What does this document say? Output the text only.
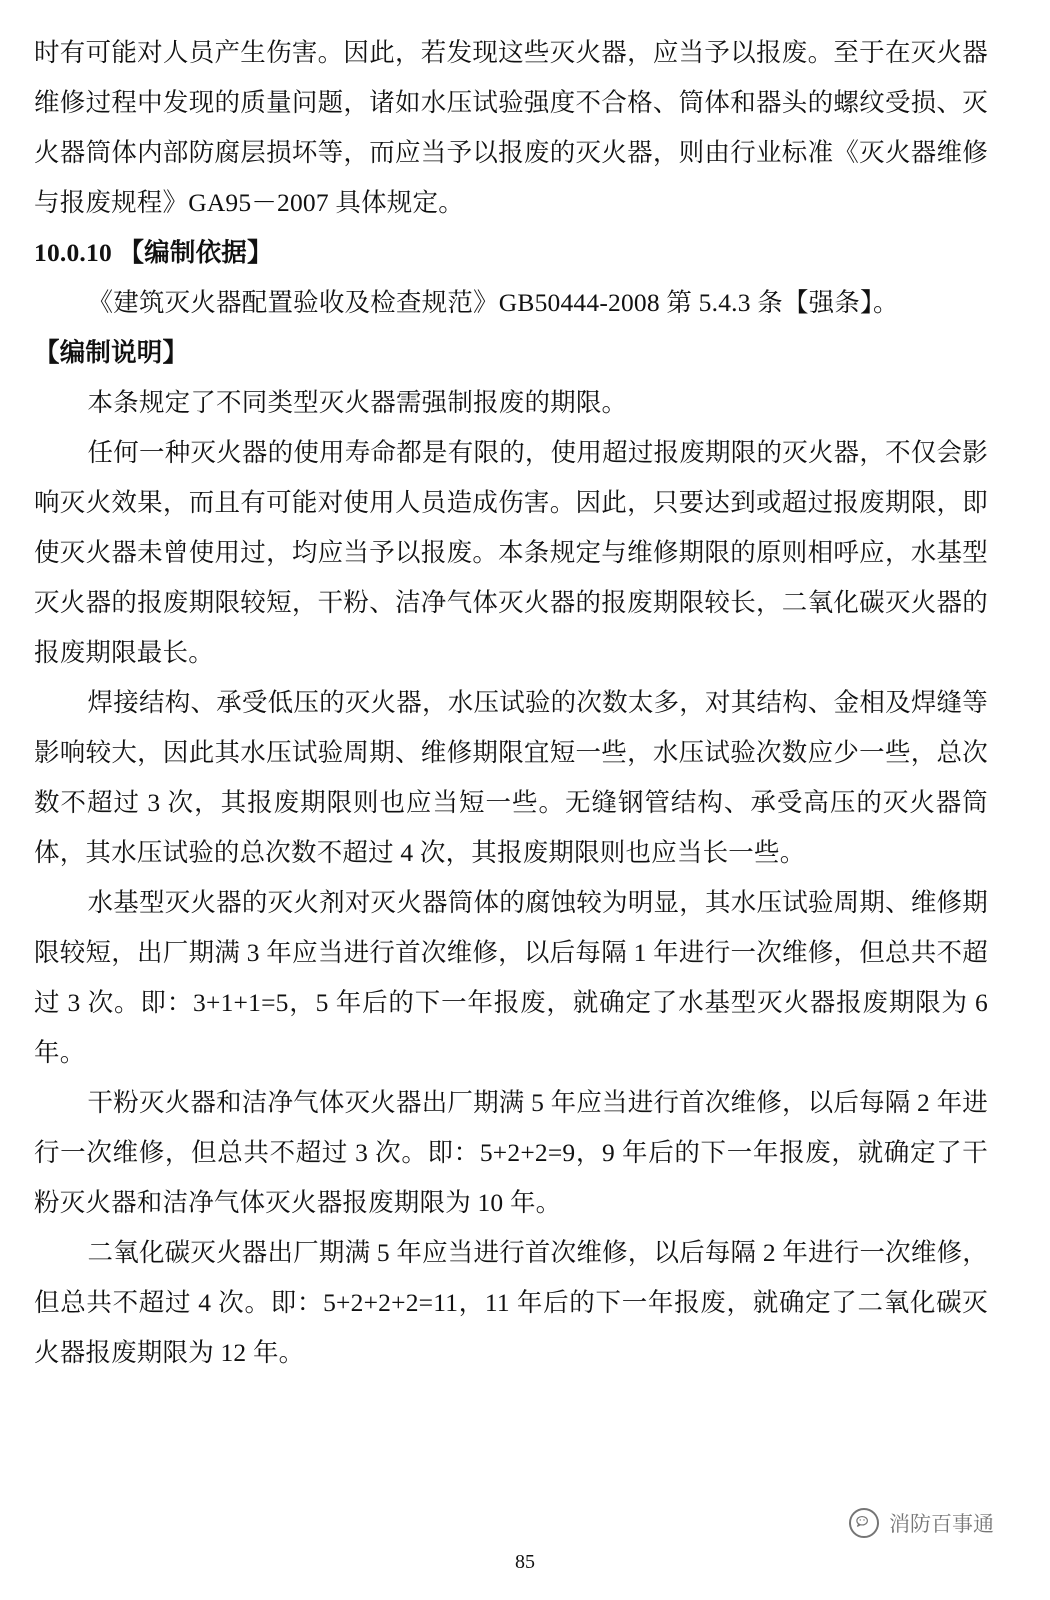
时有可能对人员产生伤害。因此，若发现这些灭火器，应当予以报废。至于在灭火器维修过程中发现的质量问题，诸如水压试验强度不合格、筒体和器头的螺纹受损、灭火器筒体内部防腐层损坏等，而应当予以报废的灭火器，则由行业标准《灭火器维修与报废规程》GA95－2007 具体规定。

10.0.10 【编制依据】

《建筑灭火器配置验收及检查规范》GB50444-2008 第 5.4.3 条【强条】。

【编制说明】

本条规定了不同类型灭火器需强制报废的期限。

任何一种灭火器的使用寿命都是有限的，使用超过报废期限的灭火器，不仅会影响灭火效果，而且有可能对使用人员造成伤害。因此，只要达到或超过报废期限，即使灭火器未曾使用过，均应当予以报废。本条规定与维修期限的原则相呼应，水基型灭火器的报废期限较短，干粉、洁净气体灭火器的报废期限较长，二氧化碳灭火器的报废期限最长。

焊接结构、承受低压的灭火器，水压试验的次数太多，对其结构、金相及焊缝等影响较大，因此其水压试验周期、维修期限宜短一些，水压试验次数应少一些，总次数不超过 3 次，其报废期限则也应当短一些。无缝钢管结构、承受高压的灭火器筒体，其水压试验的总次数不超过 4 次，其报废期限则也应当长一些。

水基型灭火器的灭火剂对灭火器筒体的腐蚀较为明显，其水压试验周期、维修期限较短，出厂期满 3 年应当进行首次维修，以后每隔 1 年进行一次维修，但总共不超过 3 次。即：3+1+1=5，5 年后的下一年报废，就确定了水基型灭火器报废期限为 6 年。

干粉灭火器和洁净气体灭火器出厂期满 5 年应当进行首次维修，以后每隔 2 年进行一次维修，但总共不超过 3 次。即：5+2+2=9，9 年后的下一年报废，就确定了干粉灭火器和洁净气体灭火器报废期限为 10 年。

二氧化碳灭火器出厂期满 5 年应当进行首次维修，以后每隔 2 年进行一次维修，但总共不超过 4 次。即：5+2+2+2=11，11 年后的下一年报废，就确定了二氧化碳灭火器报废期限为 12 年。

消防百事通
85
